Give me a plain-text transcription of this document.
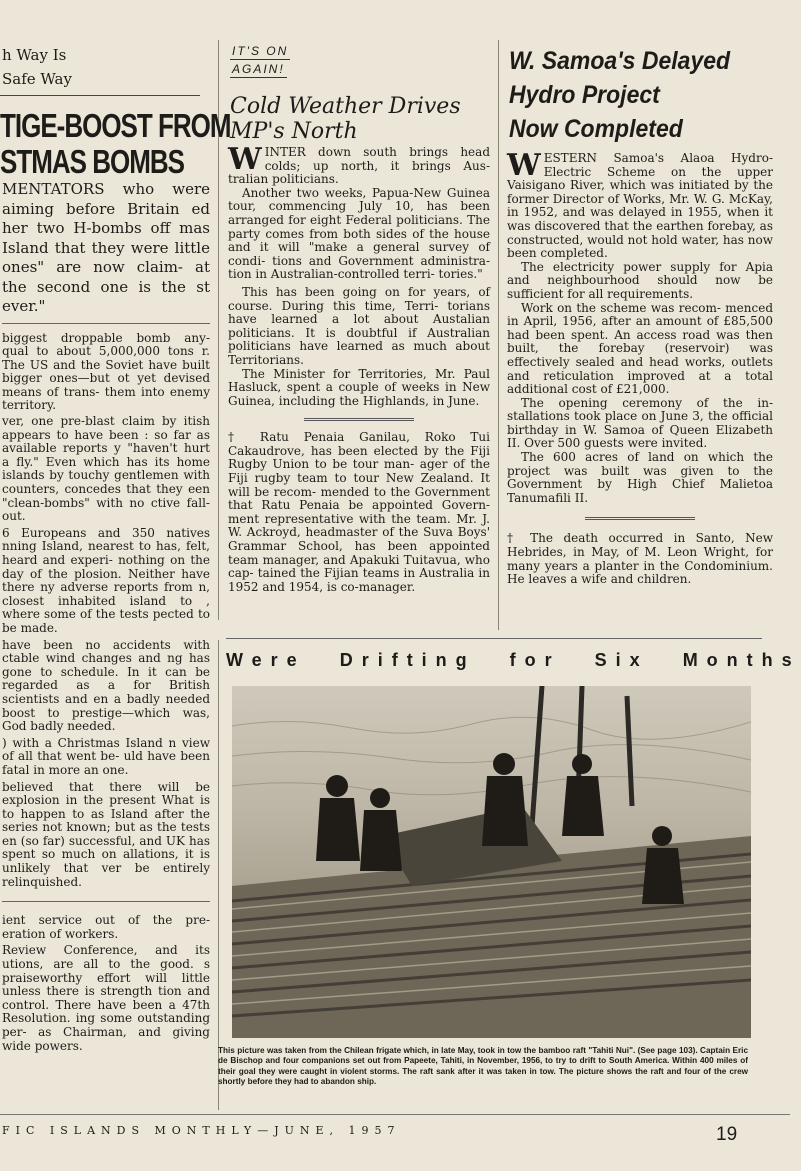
h Way Is
Safe Way
TIGE-BOOST FROM
STMAS BOMBS

MENTATORS who were aiming before Britain ed her two H-bombs off mas Island that they were little ones" are now claim- at the second one is the st ever."

biggest droppable bomb any- qual to about 5,000,000 tons r. The US and the Soviet have built bigger ones—but ot yet devised means of trans- them into enemy territory.

ver, one pre-blast claim by itish appears to have been : so far as available reports y "haven't hurt a fly." Even which has its home islands by touchy gentlemen with counters, concedes that they een "clean-bombs" with no ctive fall-out.

6 Europeans and 350 natives nning Island, nearest to has, felt, heard and experi- nothing on the day of the plosion. Neither have there ny adverse reports from n, closest inhabited island to , where some of the tests pected to be made.

have been no accidents with ctable wind changes and ng has gone to schedule. In it can be regarded as a for British scientists and en a badly needed boost to prestige—which was, God badly needed.

) with a Christmas Island n view of all that went be- uld have been fatal in more an one.

believed that there will be explosion in the present What is to happen to as Island after the series not known; but as the tests en (so far) successful, and UK has spent so much on allations, it is unlikely that ver be entirely relinquished.

ient service out of the pre- eration of workers.

Review Conference, and its utions, are all to the good. s praiseworthy effort will little unless there is strength tion and control. There have been a 47th Resolution. ing some outstanding per- as Chairman, and giving wide powers.

IT'S ON
AGAIN!
Cold Weather Drives MP's North
W INTER down south brings head colds; up north, it brings Aus- tralian politicians.

Another two weeks, Papua-New Guinea tour, commencing July 10, has been arranged for eight Federal politicians. The party comes from both sides of the house and it will "make a general survey of condi- tions and Government administra- tion in Australian-controlled terri- tories."

This has been going on for years, of course. During this time, Terri- torians have learned a lot about Austalian politicians. It is doubtful if Australian politicians have learned as much about Territorians.

The Minister for Territories, Mr. Paul Hasluck, spent a couple of weeks in New Guinea, including the Highlands, in June.

† Ratu Penaia Ganilau, Roko Tui Cakaudrove, has been elected by the Fiji Rugby Union to be tour man- ager of the Fiji rugby team to tour New Zealand. It will be recom- mended to the Government that Ratu Penaia be appointed Govern- ment representative with the team. Mr. J. W. Ackroyd, headmaster of the Suva Boys' Grammar School, has been appointed team manager, and Apakuki Tuitavua, who cap- tained the Fijian teams in Australia in 1952 and 1954, is co-manager.

W. Samoa's Delayed
Hydro Project
Now Completed
W ESTERN Samoa's Alaoa Hydro- Electric Scheme on the upper Vaisigano River, which was initiated by the former Director of Works, Mr. W. G. McKay, in 1952, and was delayed in 1955, when it was discovered that the earthen forebay, as constructed, would not hold water, has now been completed.

The electricity power supply for Apia and neighbourhood should now be sufficient for all requirements.

Work on the scheme was recom- menced in April, 1956, after an amount of £85,500 had been spent. An access road was then built, the forebay (reservoir) was effectively sealed and head works, outlets and reticulation improved at a total additional cost of £21,000.

The opening ceremony of the in- stallations took place on June 3, the official birthday in W. Samoa of Queen Elizabeth II. Over 500 guests were invited.

The 600 acres of land on which the project was built was given to the Government by High Chief Malietoa Tanumafili II.

† The death occurred in Santo, New Hebrides, in May, of M. Leon Wright, for many years a planter in the Condominium. He leaves a wife and children.

Were Drifting for Six Months
This picture was taken from the Chilean frigate which, in late May, took in tow the bamboo raft "Tahiti Nui". (See page 103). Captain Eric de Bischop and four companions set out from Papeete, Tahiti, in November, 1956, to try to drift to South America. Within 400 miles of their goal they were caught in violent storms. The raft sank after it was taken in tow. The picture shows the raft and four of the crew shortly before they had to abandon ship.
FIC ISLANDS MONTHLY—JUNE, 1957	19
